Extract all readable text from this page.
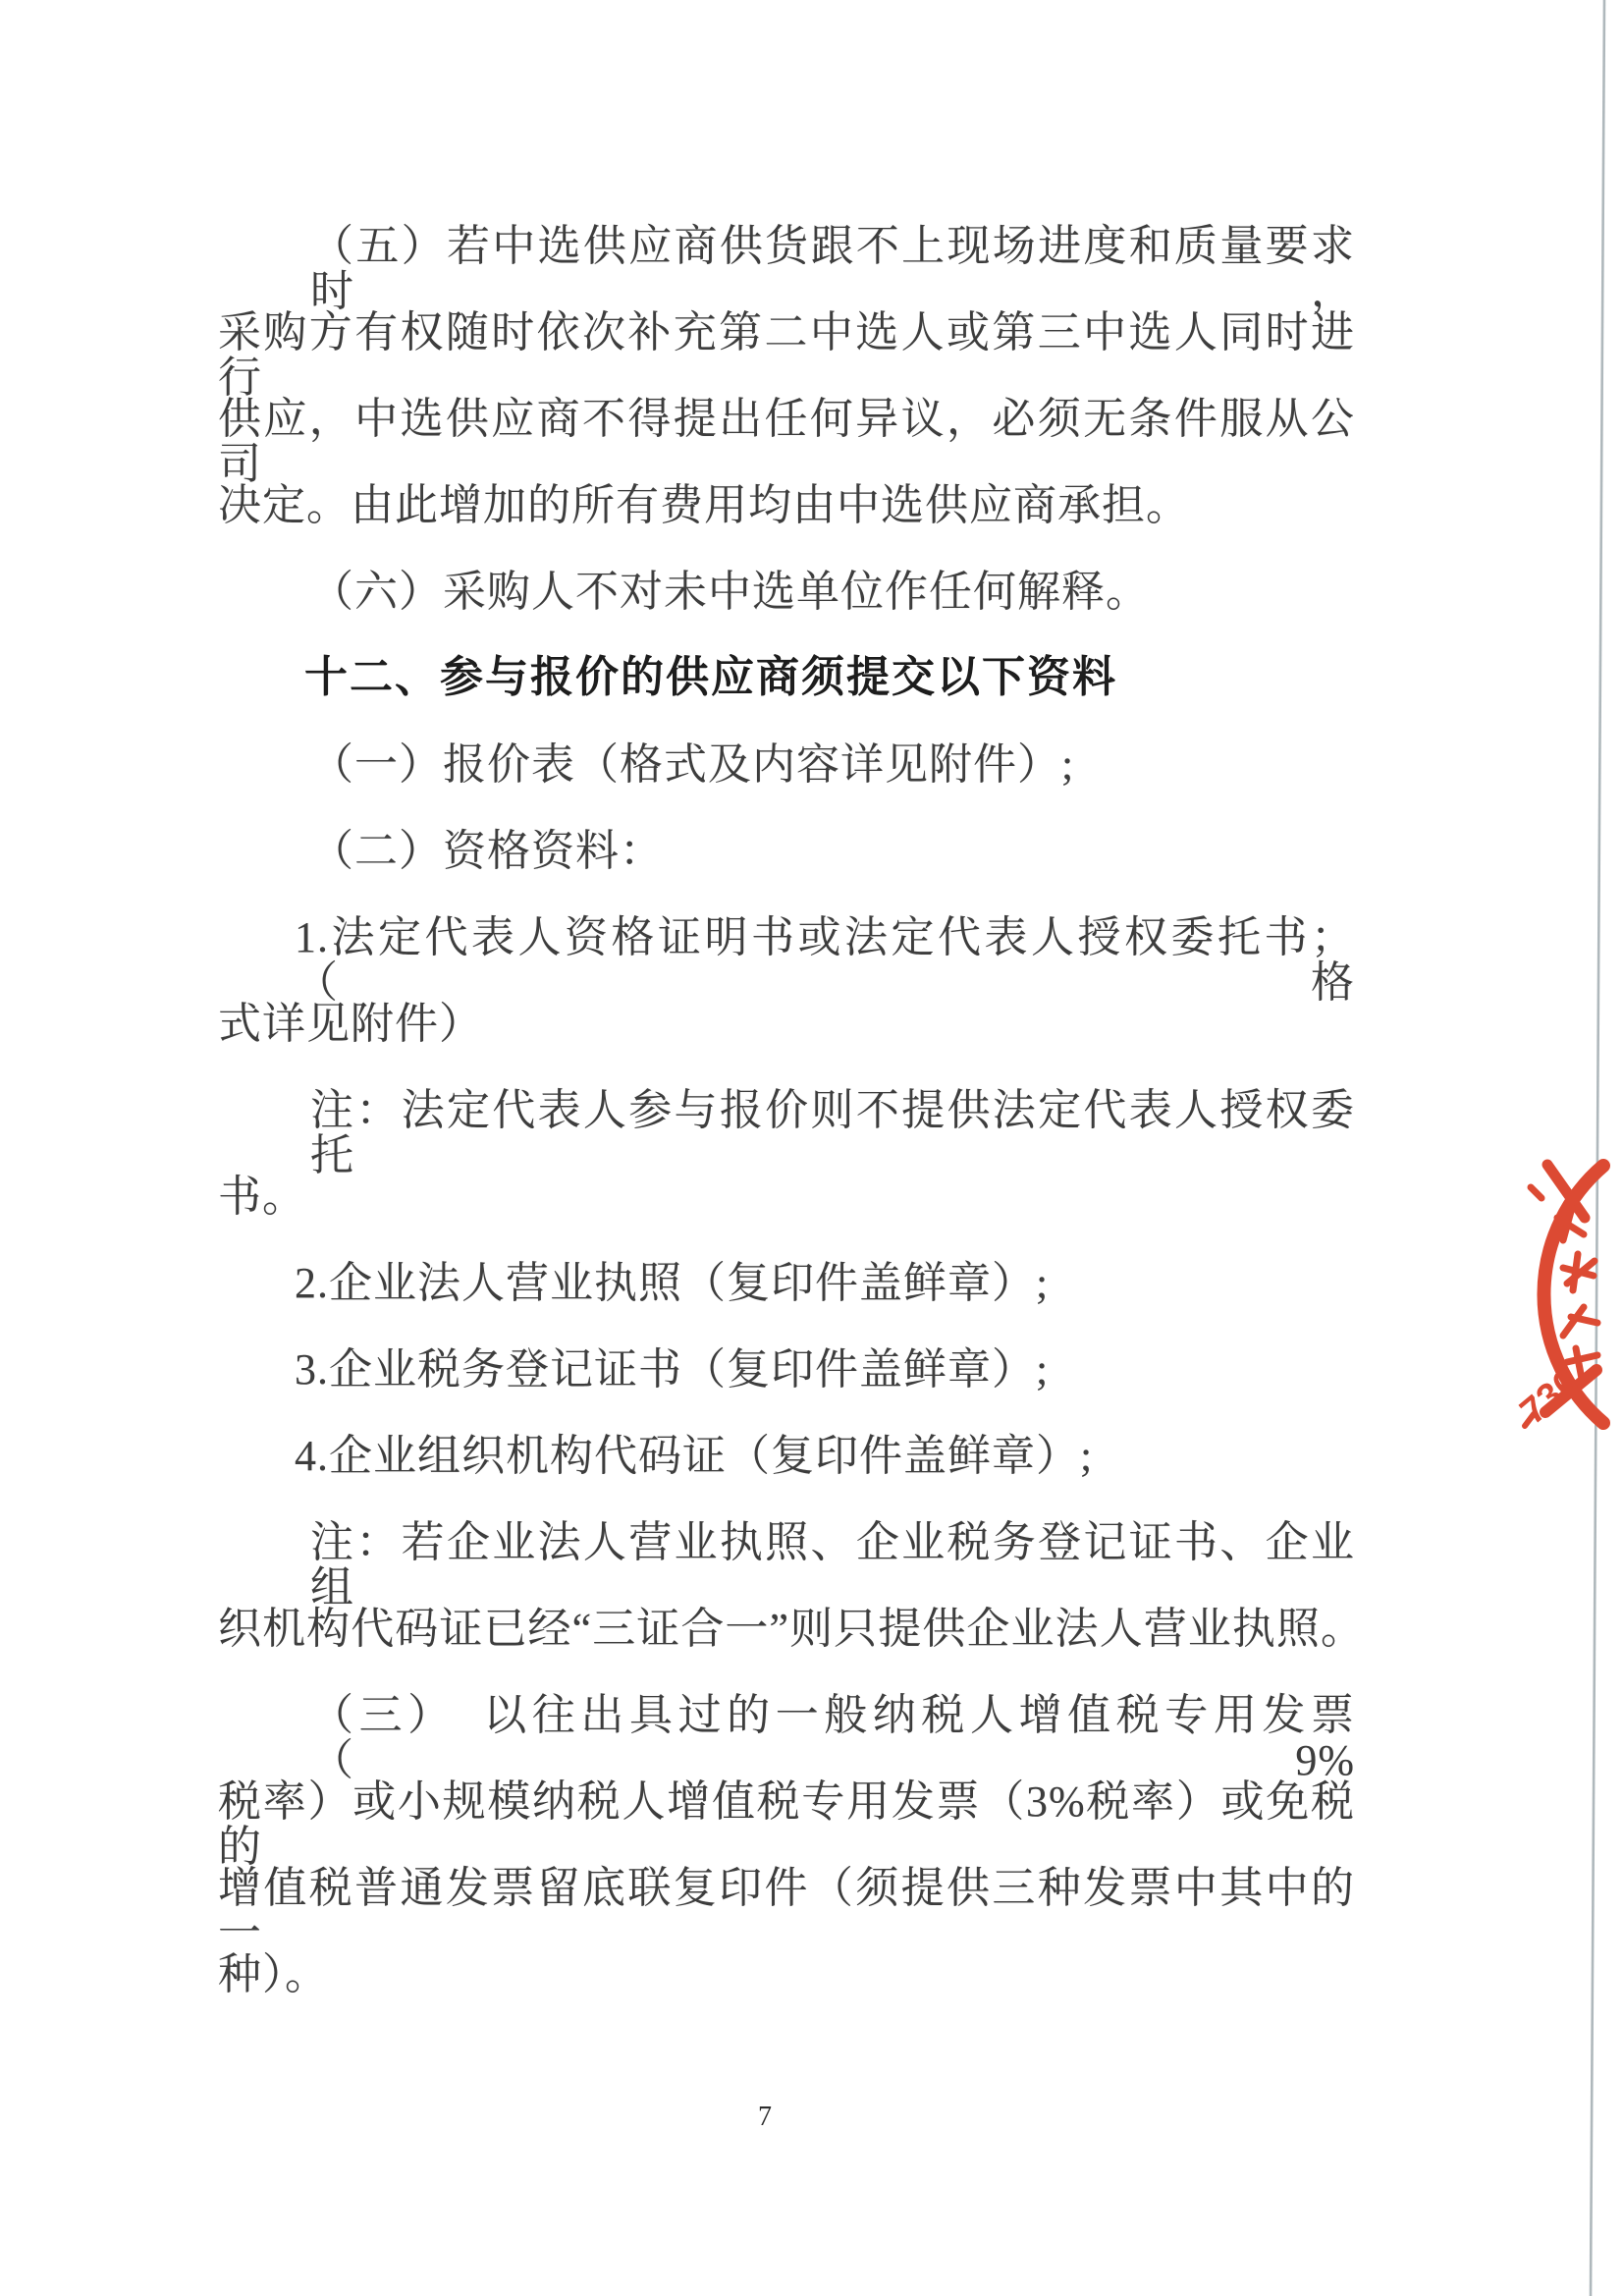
（五）若中选供应商供货跟不上现场进度和质量要求时，
采购方有权随时依次补充第二中选人或第三中选人同时进行
供应，中选供应商不得提出任何异议，必须无条件服从公司
决定。由此增加的所有费用均由中选供应商承担。
（六）采购人不对未中选单位作任何解释。
十二、参与报价的供应商须提交以下资料
（一）报价表（格式及内容详见附件）;
（二）资格资料：
1.法定代表人资格证明书或法定代表人授权委托书；（格
式详见附件）
注：法定代表人参与报价则不提供法定代表人授权委托
书。
2.企业法人营业执照（复印件盖鲜章）;
3.企业税务登记证书（复印件盖鲜章）;
4.企业组织机构代码证（复印件盖鲜章）;
注：若企业法人营业执照、企业税务登记证书、企业组
织机构代码证已经“三证合一”则只提供企业法人营业执照。
（三）　以往出具过的一般纳税人增值税专用发票（9%
税率）或小规模纳税人增值税专用发票（3%税率）或免税的
增值税普通发票留底联复印件（须提供三种发票中其中的一
种）。
7
736
